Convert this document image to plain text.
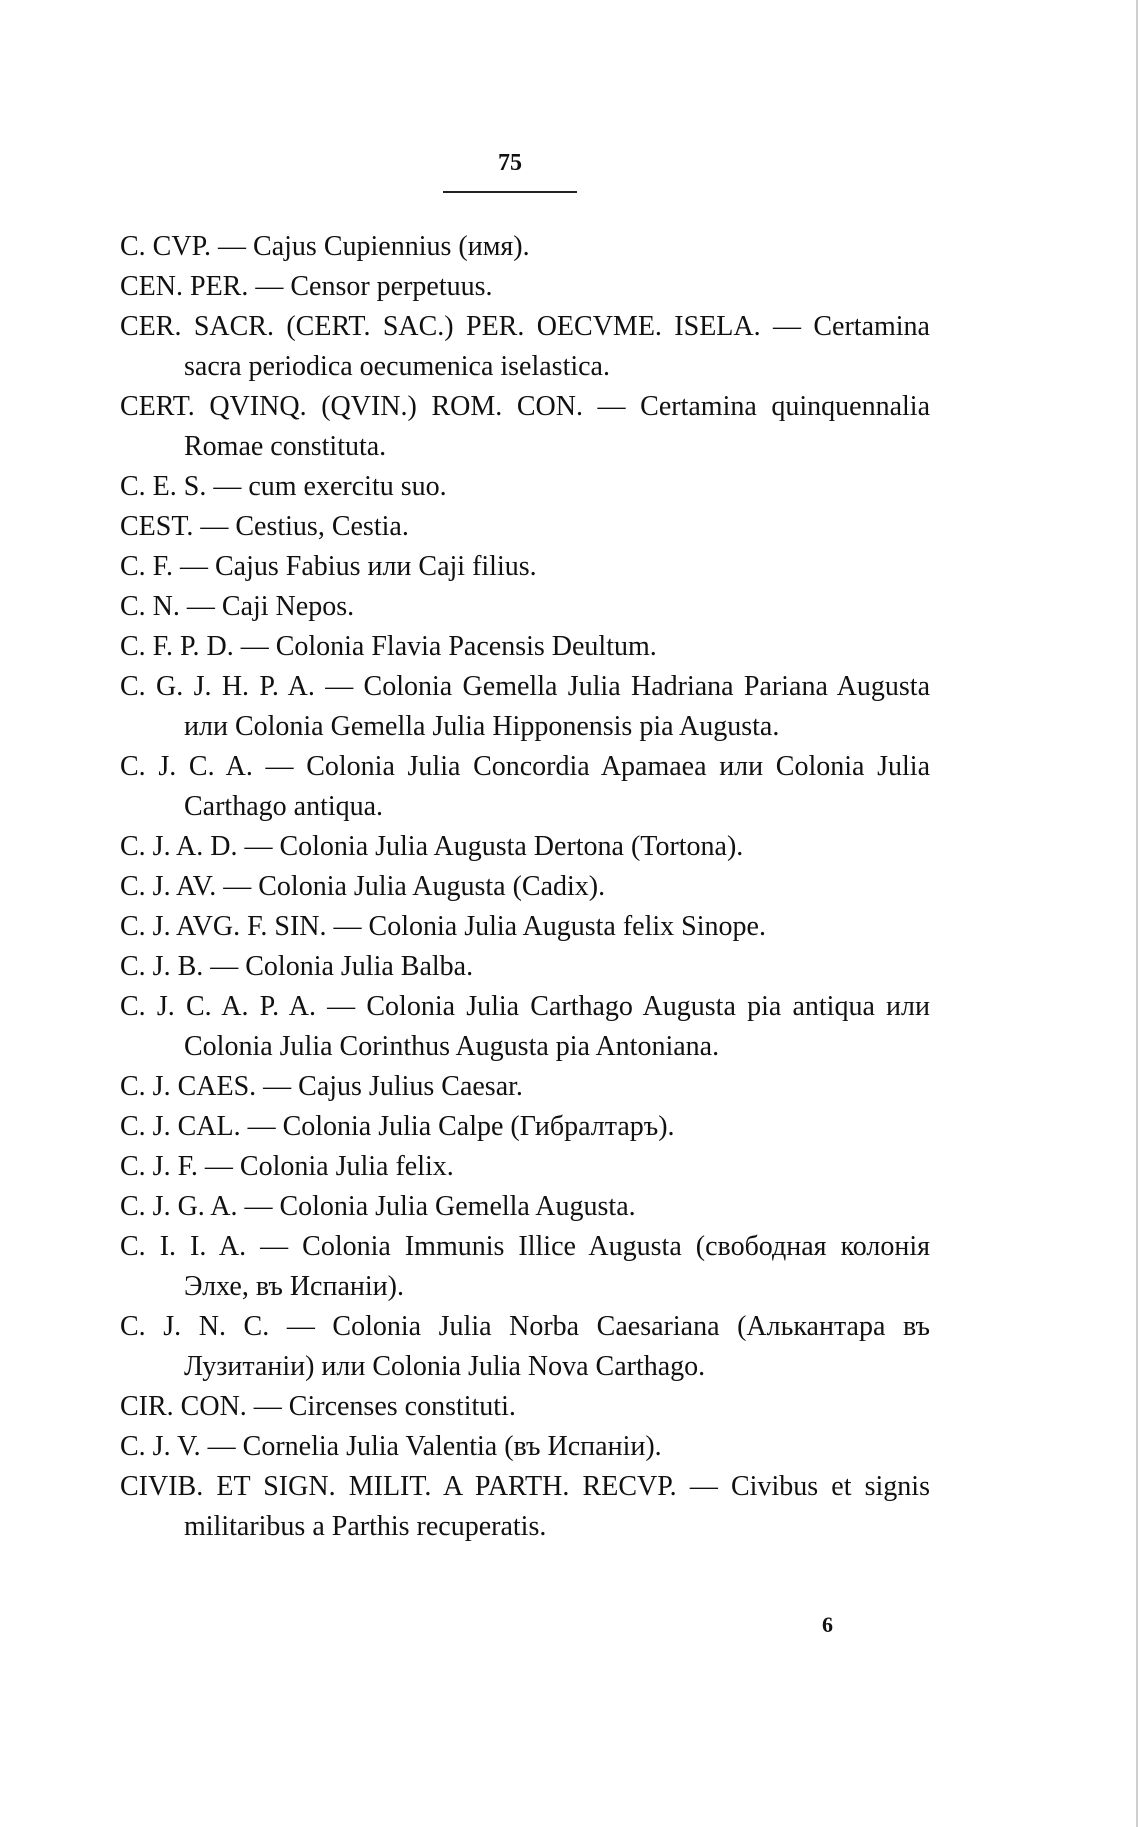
75

C. CVP. — Cajus Cupiennius (имя).

CEN. PER. — Censor perpetuus.

CER. SACR. (CERT. SAC.) PER. OECVME. ISELA. — Certamina sacra periodica oecumenica iselastica.

CERT. QVINQ. (QVIN.) ROM. CON. — Certamina quinquennalia Romae constituta.

C. E. S. — cum exercitu suo.

CEST. — Cestius, Cestia.

C. F. — Cajus Fabius или Caji filius.

C. N. — Caji Nepos.

C. F. P. D. — Colonia Flavia Pacensis Deultum.

C. G. J. H. P. A. — Colonia Gemella Julia Hadriana Pariana Augusta или Colonia Gemella Julia Hipponensis pia Augusta.

C. J. C. A. — Colonia Julia Concordia Apamaea или Colonia Julia Carthago antiqua.

C. J. A. D. — Colonia Julia Augusta Dertona (Tortona).

C. J. AV. — Colonia Julia Augusta (Cadix).

C. J. AVG. F. SIN. — Colonia Julia Augusta felix Sinope.

C. J. B. — Colonia Julia Balba.

C. J. C. A. P. A. — Colonia Julia Carthago Augusta pia antiqua или Colonia Julia Corinthus Augusta pia Antoniana.

C. J. CAES. — Cajus Julius Caesar.

C. J. CAL. — Colonia Julia Calpe (Гибралтаръ).

C. J. F. — Colonia Julia felix.

C. J. G. A. — Colonia Julia Gemella Augusta.

C. I. I. A. — Colonia Immunis Illice Augusta (свободная колонія Элхе, въ Испаніи).

C. J. N. C. — Colonia Julia Norba Caesariana (Алькантара въ Лузитаніи) или Colonia Julia Nova Carthago.

CIR. CON. — Circenses constituti.

C. J. V. — Cornelia Julia Valentia (въ Испаніи).

CIVIB. ET SIGN. MILIT. A PARTH. RECVP. — Civibus et signis militaribus a Parthis recuperatis.

6
